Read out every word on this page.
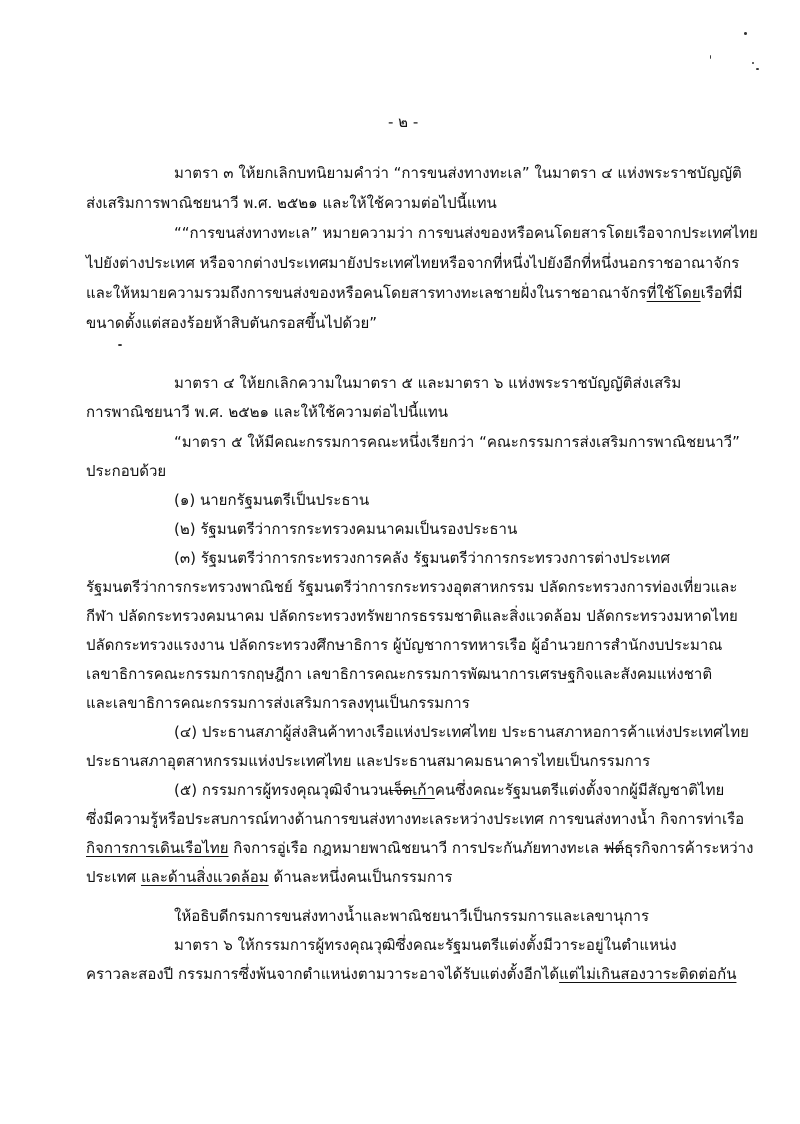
- ๒ -
มาตรา ๓ ให้ยกเลิกบทนิยามคำว่า “การขนส่งทางทะเล” ในมาตรา ๔ แห่งพระราชบัญญัติ
ส่งเสริมการพาณิชยนาวี พ.ศ. ๒๕๒๑ และให้ใช้ความต่อไปนี้แทน
““การขนส่งทางทะเล” หมายความว่า การขนส่งของหรือคนโดยสารโดยเรือจากประเทศไทย
ไปยังต่างประเทศ หรือจากต่างประเทศมายังประเทศไทยหรือจากที่หนึ่งไปยังอีกที่หนึ่งนอกราชอาณาจักร
และให้หมายความรวมถึงการขนส่งของหรือคนโดยสารทางทะเลชายฝั่งในราชอาณาจักรที่ใช้โดยเรือที่มี
ขนาดตั้งแต่สองร้อยห้าสิบตันกรอสขึ้นไปด้วย”
มาตรา ๔ ให้ยกเลิกความในมาตรา ๕ และมาตรา ๖ แห่งพระราชบัญญัติส่งเสริม
การพาณิชยนาวี พ.ศ. ๒๕๒๑ และให้ใช้ความต่อไปนี้แทน
“มาตรา ๕ ให้มีคณะกรรมการคณะหนึ่งเรียกว่า “คณะกรรมการส่งเสริมการพาณิชยนาวี”
ประกอบด้วย
(๑) นายกรัฐมนตรีเป็นประธาน
(๒) รัฐมนตรีว่าการกระทรวงคมนาคมเป็นรองประธาน
(๓) รัฐมนตรีว่าการกระทรวงการคลัง รัฐมนตรีว่าการกระทรวงการต่างประเทศ
รัฐมนตรีว่าการกระทรวงพาณิชย์ รัฐมนตรีว่าการกระทรวงอุตสาหกรรม ปลัดกระทรวงการท่องเที่ยวและ
กีฬา ปลัดกระทรวงคมนาคม ปลัดกระทรวงทรัพยากรธรรมชาติและสิ่งแวดล้อม ปลัดกระทรวงมหาดไทย
ปลัดกระทรวงแรงงาน ปลัดกระทรวงศึกษาธิการ ผู้บัญชาการทหารเรือ ผู้อำนวยการสำนักงบประมาณ
เลขาธิการคณะกรรมการกฤษฎีกา เลขาธิการคณะกรรมการพัฒนาการเศรษฐกิจและสังคมแห่งชาติ
และเลขาธิการคณะกรรมการส่งเสริมการลงทุนเป็นกรรมการ
(๔) ประธานสภาผู้ส่งสินค้าทางเรือแห่งประเทศไทย ประธานสภาหอการค้าแห่งประเทศไทย
ประธานสภาอุตสาหกรรมแห่งประเทศไทย และประธานสมาคมธนาคารไทยเป็นกรรมการ
(๕) กรรมการผู้ทรงคุณวุฒิจำนวนเจ็ดเก้าคนซึ่งคณะรัฐมนตรีแต่งตั้งจากผู้มีสัญชาติไทย
ซึ่งมีความรู้หรือประสบการณ์ทางด้านการขนส่งทางทะเลระหว่างประเทศ การขนส่งทางน้ำ กิจการท่าเรือ
กิจการการเดินเรือไทย กิจการอู่เรือ กฎหมายพาณิชยนาวี การประกันภัยทางทะเล ฟต์ธุรกิจการค้าระหว่าง
ประเทศ และด้านสิ่งแวดล้อม ด้านละหนึ่งคนเป็นกรรมการ
ให้อธิบดีกรมการขนส่งทางน้ำและพาณิชยนาวีเป็นกรรมการและเลขานุการ
มาตรา ๖ ให้กรรมการผู้ทรงคุณวุฒิซึ่งคณะรัฐมนตรีแต่งตั้งมีวาระอยู่ในตำแหน่ง
คราวละสองปี กรรมการซึ่งพ้นจากตำแหน่งตามวาระอาจได้รับแต่งตั้งอีกได้แต่ไม่เกินสองวาระติดต่อกัน
